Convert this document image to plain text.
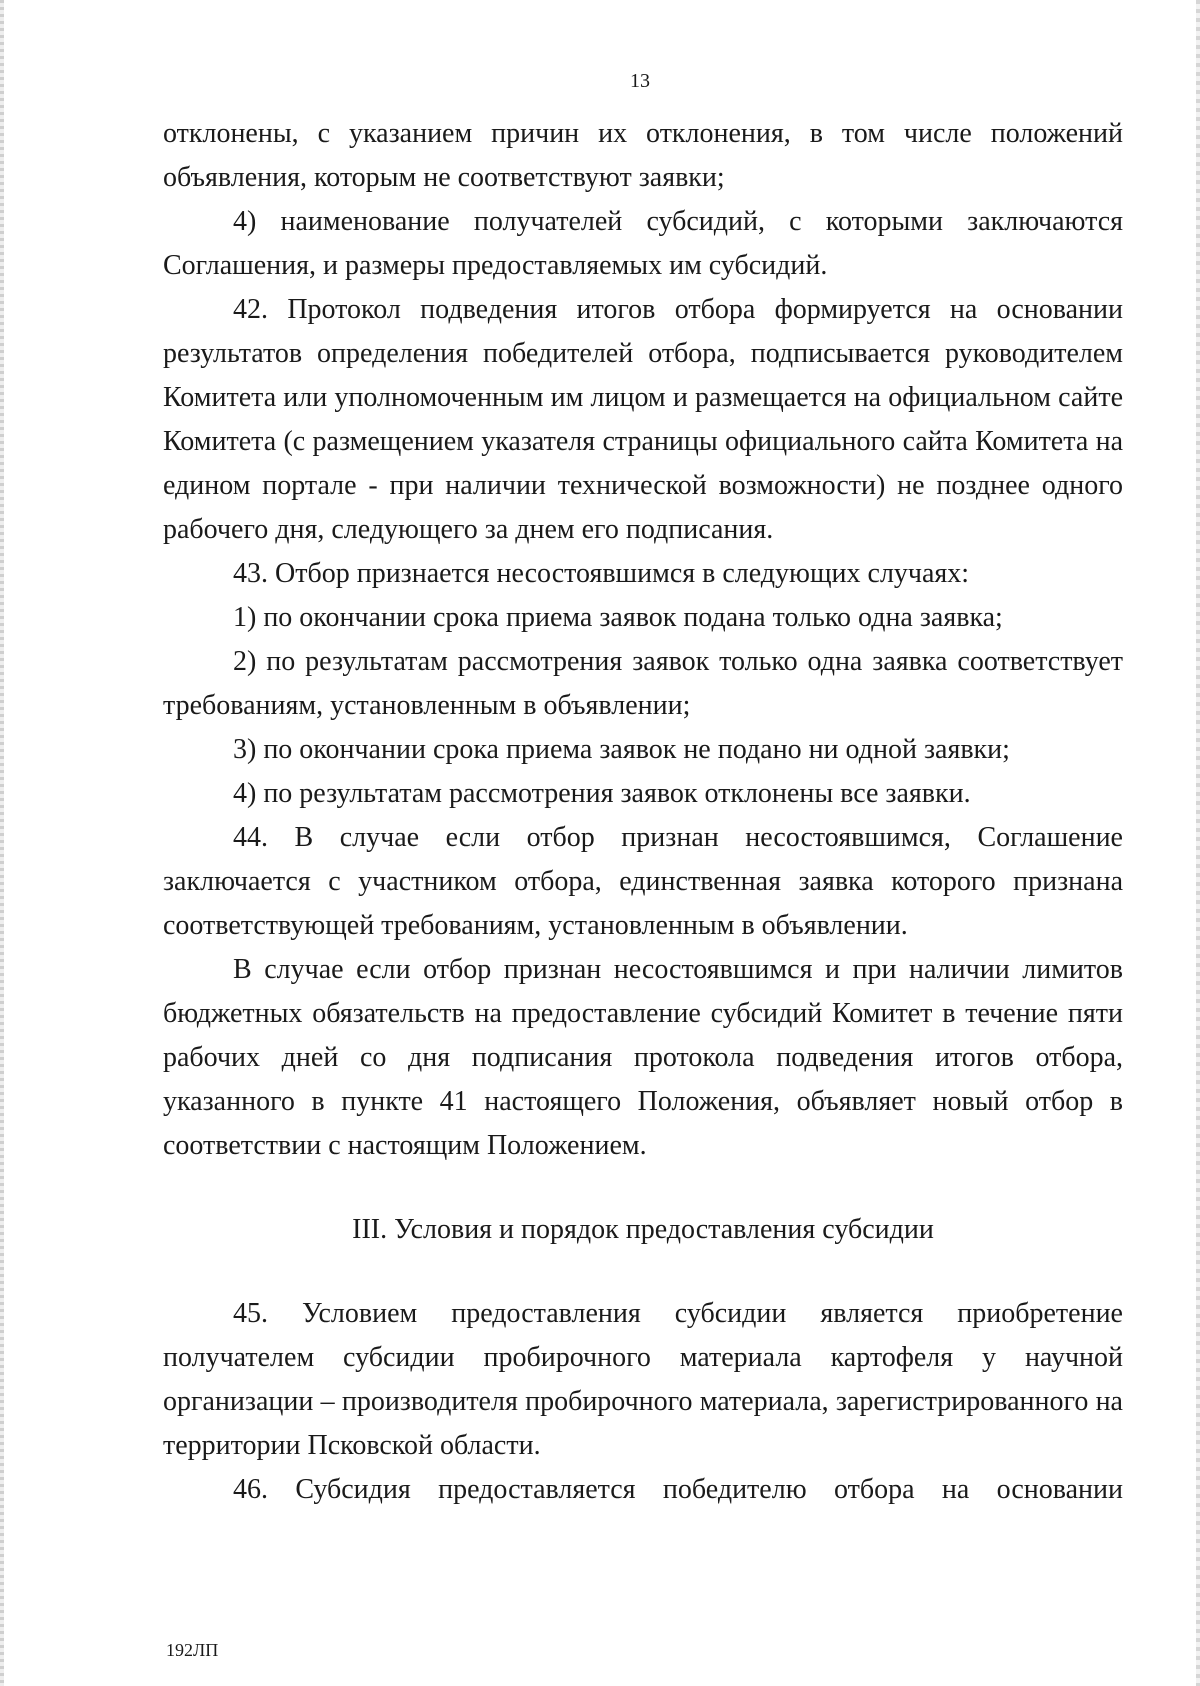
13

отклонены, с указанием причин их отклонения, в том числе положений объявления, которым не соответствуют заявки;

4) наименование получателей субсидий, с которыми заключаются Соглашения, и размеры предоставляемых им субсидий.

42. Протокол подведения итогов отбора формируется на основании результатов определения победителей отбора, подписывается руководителем Комитета или уполномоченным им лицом и размещается на официальном сайте Комитета (с размещением указателя страницы официального сайта Комитета на едином портале - при наличии технической возможности) не позднее одного рабочего дня, следующего за днем его подписания.

43. Отбор признается несостоявшимся в следующих случаях:

1) по окончании срока приема заявок подана только одна заявка;

2) по результатам рассмотрения заявок только одна заявка соответствует требованиям, установленным в объявлении;

3) по окончании срока приема заявок не подано ни одной заявки;

4) по результатам рассмотрения заявок отклонены все заявки.

44. В случае если отбор признан несостоявшимся, Соглашение заключается с участником отбора, единственная заявка которого признана соответствующей требованиям, установленным в объявлении.

В случае если отбор признан несостоявшимся и при наличии лимитов бюджетных обязательств на предоставление субсидий Комитет в течение пяти рабочих дней со дня подписания протокола подведения итогов отбора, указанного в пункте 41 настоящего Положения, объявляет новый отбор в соответствии с настоящим Положением.

III. Условия и порядок предоставления субсидии

45. Условием предоставления субсидии является приобретение получателем субсидии пробирочного материала картофеля у научной организации – производителя пробирочного материала, зарегистрированного на территории Псковской области.

46. Субсидия предоставляется победителю отбора на основании

192ЛП
